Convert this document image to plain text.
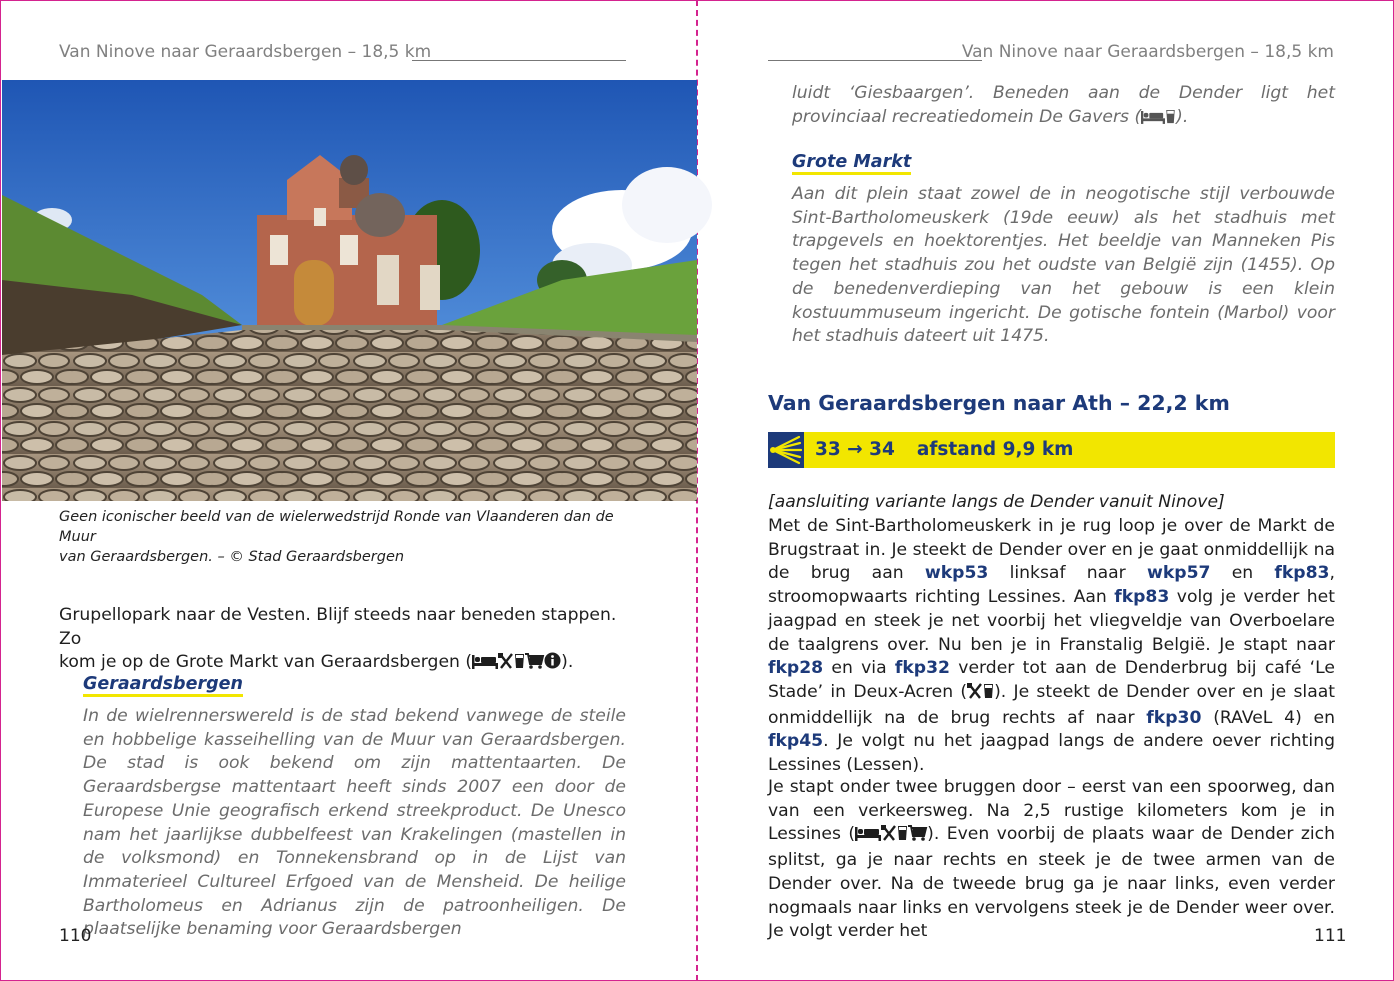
Van Ninove naar Geraardsbergen – 18,5 km
Geen iconischer beeld van de wielerwedstrijd Ronde van Vlaanderen dan de Muur
van Geraardsbergen. – © Stad Geraardsbergen
Grupellopark naar de Vesten. Blijf steeds naar beneden stappen. Zo
kom je op de Grote Markt van Geraardsbergen (	).
Geraardsbergen
In de wielrennerswereld is de stad bekend vanwege de steile en hobbelige kasseihelling van de Muur van Geraardsbergen. De stad is ook bekend om zijn mattentaarten. De Geraardsbergse mattentaart heeft sinds 2007 een door de Europese Unie geografisch erkend streekproduct. De Unesco nam het jaarlijkse dubbelfeest van Krakelingen (mastellen in de volksmond) en Tonnekensbrand op in de Lijst van Immaterieel Cultureel Erfgoed van de Mensheid. De heilige Bartholomeus en Adrianus zijn de patroonheiligen. De plaatselijke benaming voor Geraardsbergen
110
Van Ninove naar Geraardsbergen – 18,5 km
luidt ‘Giesbaargen’. Beneden aan de Dender ligt het provinciaal recreatiedomein De Gavers ( ).
Grote Markt
Aan dit plein staat zowel de in neogotische stijl verbouwde Sint-Bartholomeuskerk (19de eeuw) als het stadhuis met trapgevels en hoektorentjes. Het beeldje van Manneken Pis tegen het stadhuis zou het oudste van België zijn (1455). Op de benedenverdieping van het gebouw is een klein kostuummuseum ingericht. De gotische fontein (Marbol) voor het stadhuis dateert uit 1475.
Van Geraardsbergen naar Ath – 22,2 km
33 → 34 afstand 9,9 km
[aansluiting variante langs de Dender vanuit Ninove]
Met de Sint-Bartholomeuskerk in je rug loop je over de Markt de Brugstraat in. Je steekt de Dender over en je gaat onmiddellijk na de brug aan wkp53 linksaf naar wkp57 en fkp83, stroomopwaarts richting Lessines. Aan fkp83 volg je verder het jaagpad en steek je net voorbij het vliegveldje van Overboelare de taalgrens over. Nu ben je in Franstalig België. Je stapt naar fkp28 en via fkp32 verder tot aan de Denderbrug bij café ‘Le Stade’ in Deux-Acren ( ). Je steekt de Dender over en je slaat onmiddellijk na de brug rechts af naar fkp30 (RAVeL 4) en fkp45. Je volgt nu het jaagpad langs de andere oever richting Lessines (Lessen).
Je stapt onder twee bruggen door – eerst van een spoorweg, dan van een verkeersweg. Na 2,5 rustige kilometers kom je in Lessines (	). Even voorbij de plaats waar de Dender zich splitst, ga je naar rechts en steek je de twee armen van de Dender over. Na de tweede brug ga je naar links, even verder nogmaals naar links en vervolgens steek je de Dender weer over. Je volgt verder het	111
